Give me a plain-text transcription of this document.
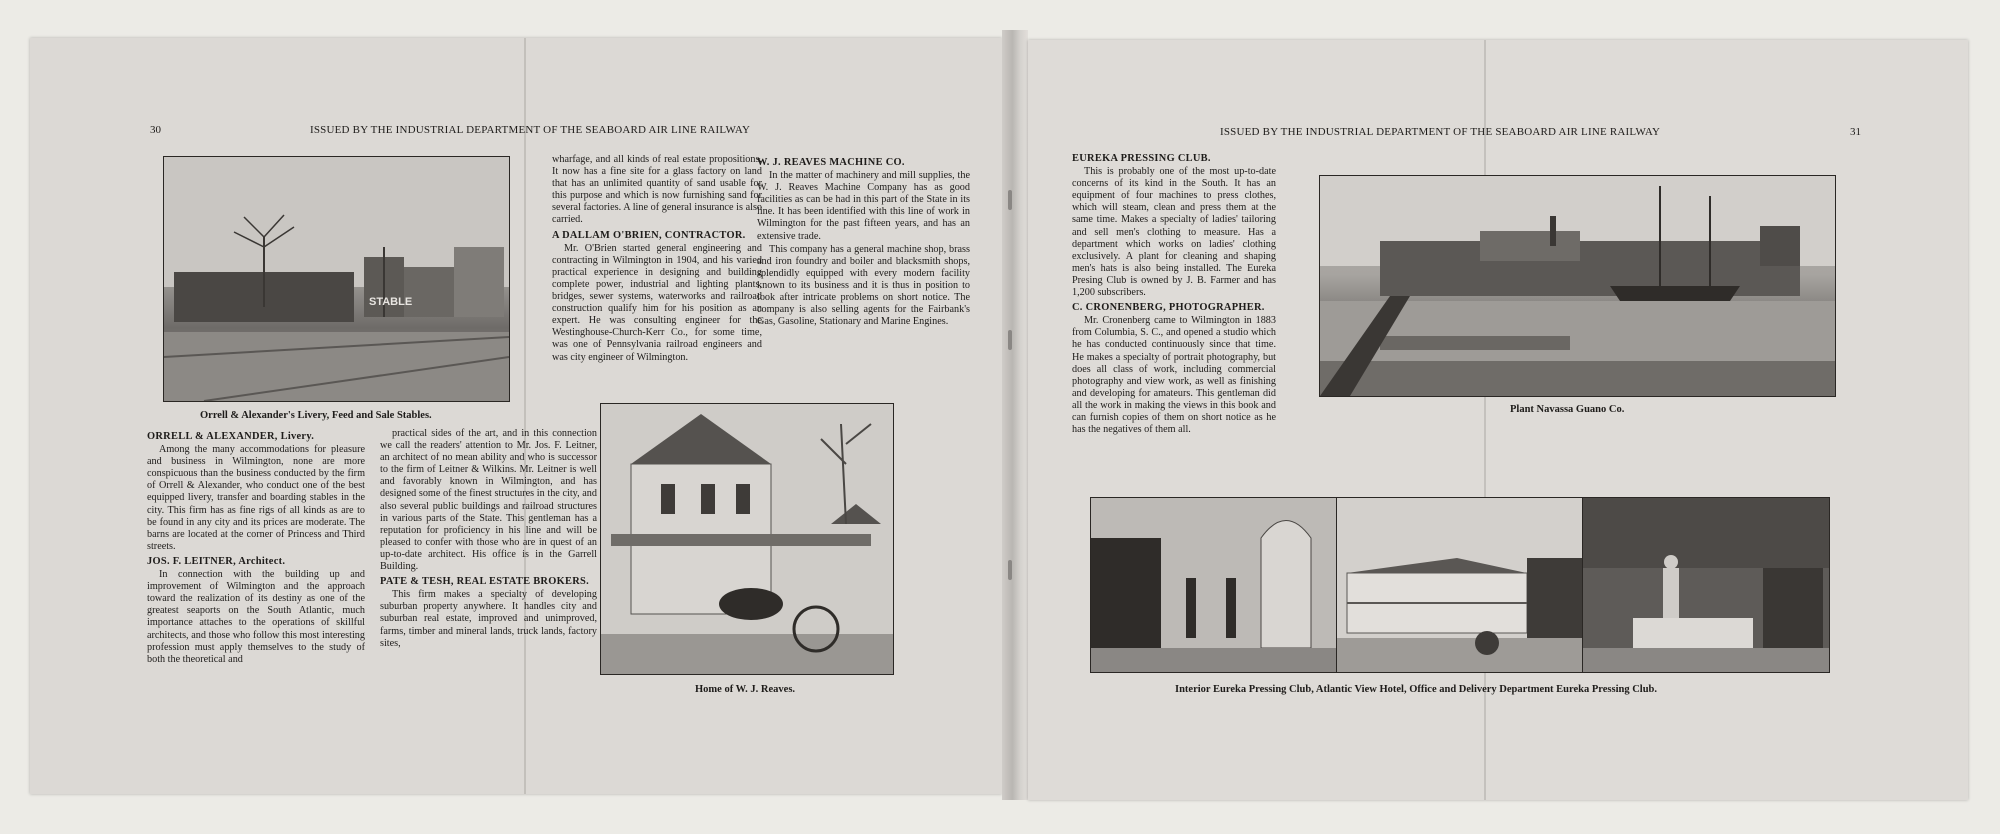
30	ISSUED BY THE INDUSTRIAL DEPARTMENT OF THE SEABOARD AIR LINE RAILWAY
STABLE
Orrell & Alexander's Livery, Feed and Sale Stables.
Home of W. J. Reaves.
ORRELL & ALEXANDER, Livery.

Among the many accommodations for pleasure and business in Wilmington, none are more conspicuous than the business conducted by the firm of Orrell & Alexander, who conduct one of the best equipped livery, transfer and boarding stables in the city. This firm has as fine rigs of all kinds as are to be found in any city and its prices are moderate. The barns are located at the corner of Princess and Third streets.

JOS. F. LEITNER, Architect.

In connection with the building up and improvement of Wilmington and the approach toward the realization of its destiny as one of the greatest seaports on the South Atlantic, much importance attaches to the operations of skillful architects, and those who follow this most interesting profession must apply themselves to the study of both the theoretical and

practical sides of the art, and in this connection we call the readers' attention to Mr. Jos. F. Leitner, an architect of no mean ability and who is successor to the firm of Leitner & Wilkins. Mr. Leitner is well and favorably known in Wilmington, and has designed some of the finest structures in the city, and also several public buildings and railroad structures in various parts of the State. This gentleman has a reputation for proficiency in his line and will be pleased to confer with those who are in quest of an up-to-date architect. His office is in the Garrell Building.

PATE & TESH, REAL ESTATE BROKERS.

This firm makes a specialty of developing suburban property anywhere. It handles city and suburban real estate, improved and unimproved, farms, timber and mineral lands, truck lands, factory sites,

wharfage, and all kinds of real estate propositions. It now has a fine site for a glass factory on land that has an unlimited quantity of sand usable for this purpose and which is now furnishing sand for several factories. A line of general insurance is also carried.

A DALLAM O'BRIEN, CONTRACTOR.

Mr. O'Brien started general engineering and contracting in Wilmington in 1904, and his varied practical experience in designing and building complete power, industrial and lighting plants, bridges, sewer systems, waterworks and railroad construction qualify him for his position as an expert. He was consulting engineer for the Westinghouse-Church-Kerr Co., for some time, was one of Pennsylvania railroad engineers and was city engineer of Wilmington.

W. J. REAVES MACHINE CO.

In the matter of machinery and mill supplies, the W. J. Reaves Machine Company has as good facilities as can be had in this part of the State in its line. It has been identified with this line of work in Wilmington for the past fifteen years, and has an extensive trade.

This company has a general machine shop, brass and iron foundry and boiler and blacksmith shops, splendidly equipped with every modern facility known to its business and it is thus in position to look after intricate problems on short notice. The company is also selling agents for the Fairbank's Gas, Gasoline, Stationary and Marine Engines.

ISSUED BY THE INDUSTRIAL DEPARTMENT OF THE SEABOARD AIR LINE RAILWAY	31
EUREKA PRESSING CLUB.

This is probably one of the most up-to-date concerns of its kind in the South. It has an equipment of four machines to press clothes, which will steam, clean and press them at the same time. Makes a specialty of ladies' tailoring and sell men's clothing to measure. Has a department which works on ladies' clothing exclusively. A plant for cleaning and shaping men's hats is also being installed. The Eureka Presing Club is owned by J. B. Farmer and has 1,200 subscribers.

C. CRONENBERG, PHOTOGRAPHER.

Mr. Cronenberg came to Wilmington in 1883 from Columbia, S. C., and opened a studio which he has conducted continuously since that time. He makes a specialty of portrait photography, but does all class of work, including commercial photography and view work, as well as finishing and developing for amateurs. This gentleman did all the work in making the views in this book and can furnish copies of them on short notice as he has the negatives of them all.

Plant Navassa Guano Co.
Interior Eureka Pressing Club, Atlantic View Hotel, Office and Delivery Department Eureka Pressing Club.
